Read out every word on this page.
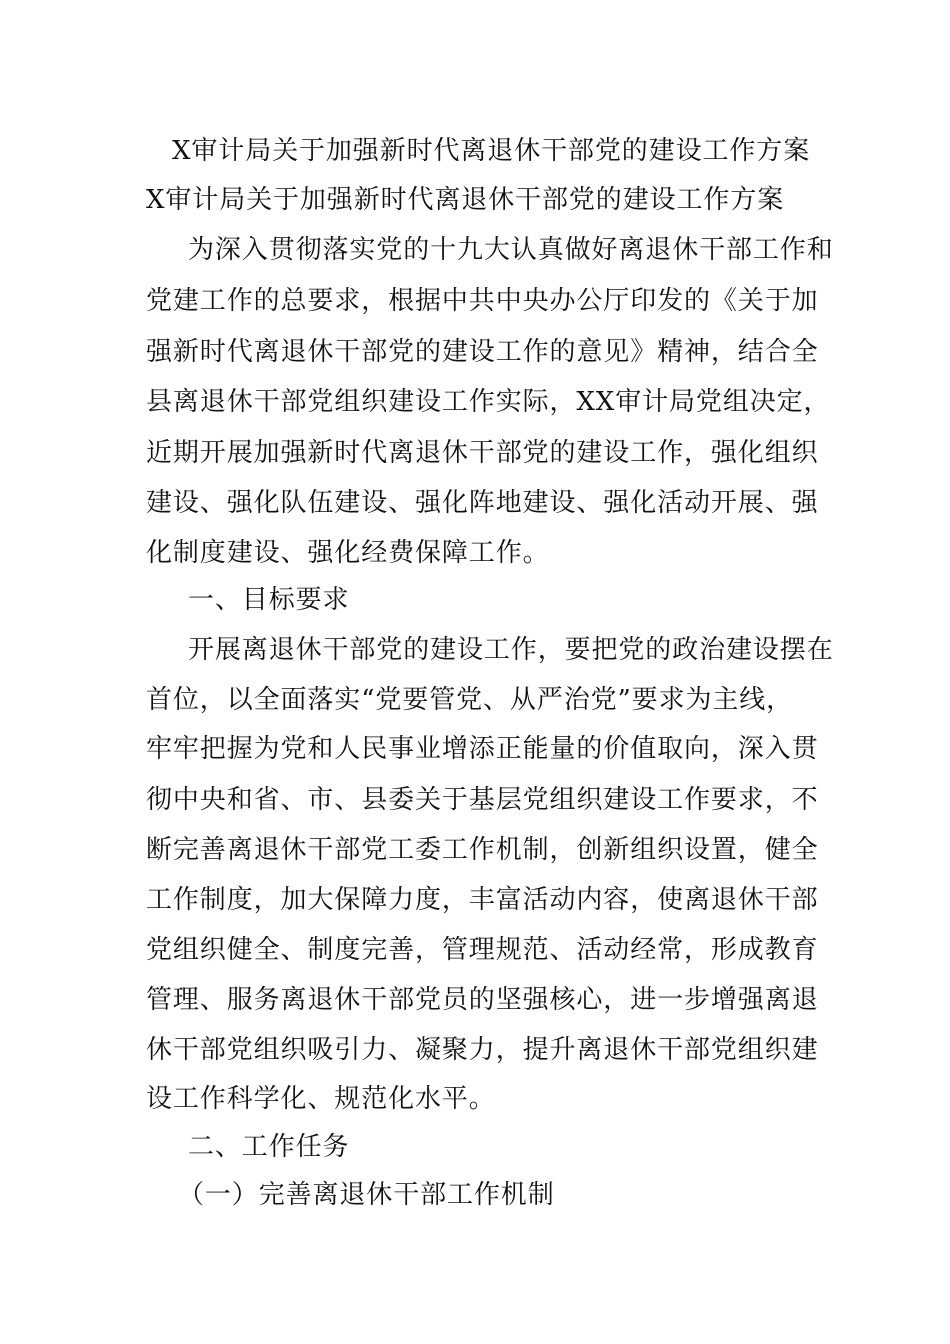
X审计局关于加强新时代离退休干部党的建设工作方案
X审计局关于加强新时代离退休干部党的建设工作方案
为深入贯彻落实党的十九大认真做好离退休干部工作和
党建工作的总要求，根据中共中央办公厅印发的《关于加
强新时代离退休干部党的建设工作的意见》精神，结合全
县离退休干部党组织建设工作实际，XX审计局党组决定，
近期开展加强新时代离退休干部党的建设工作，强化组织
建设、强化队伍建设、强化阵地建设、强化活动开展、强
化制度建设、强化经费保障工作。
一、目标要求
开展离退休干部党的建设工作，要把党的政治建设摆在
首位，以全面落实“党要管党、从严治党”要求为主线，
牢牢把握为党和人民事业增添正能量的价值取向，深入贯
彻中央和省、市、县委关于基层党组织建设工作要求，不
断完善离退休干部党工委工作机制，创新组织设置，健全
工作制度，加大保障力度，丰富活动内容，使离退休干部
党组织健全、制度完善，管理规范、活动经常，形成教育
管理、服务离退休干部党员的坚强核心，进一步增强离退
休干部党组织吸引力、凝聚力，提升离退休干部党组织建
设工作科学化、规范化水平。
二、工作任务
（一）完善离退休干部工作机制
